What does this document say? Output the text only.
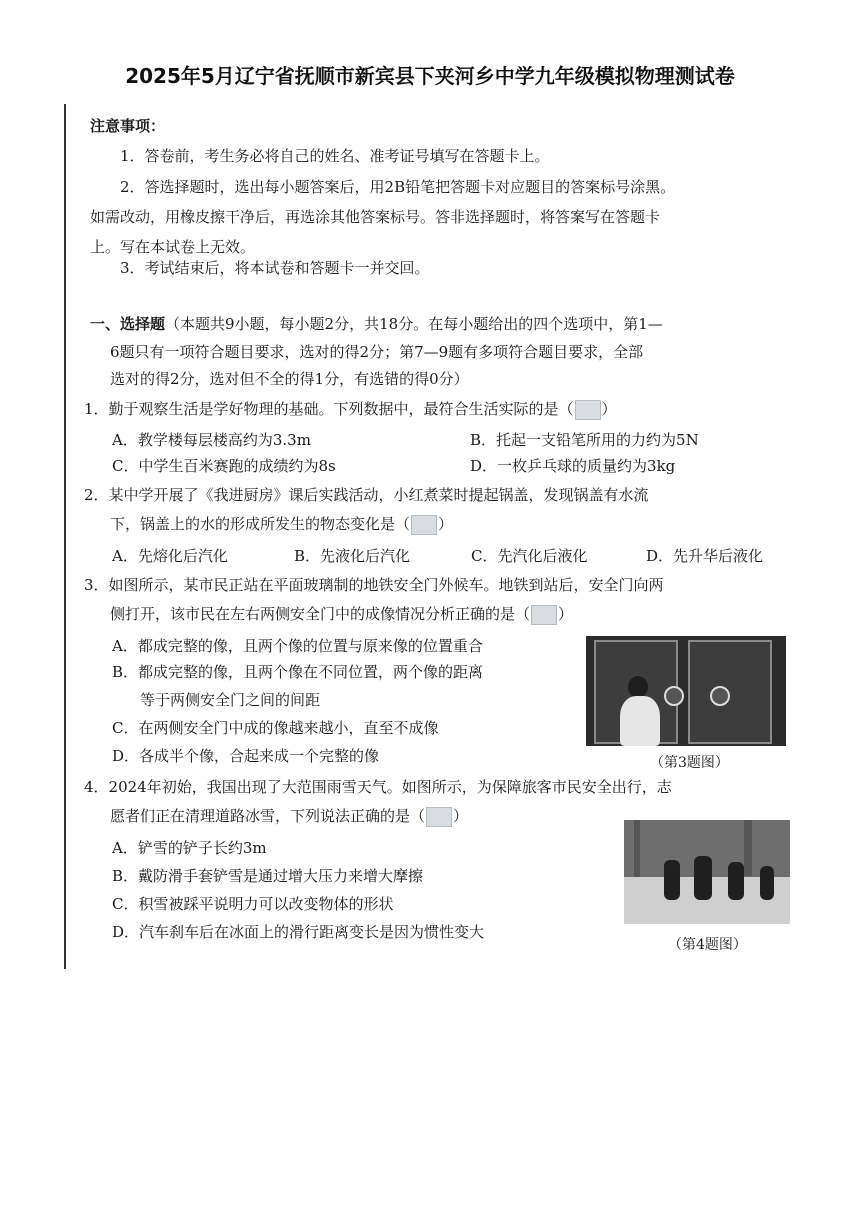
2025年5月辽宁省抚顺市新宾县下夹河乡中学九年级模拟物理测试卷
注意事项：
1．答卷前，考生务必将自己的姓名、准考证号填写在答题卡上。
2．答选择题时，选出每小题答案后，用2B铅笔把答题卡对应题目的答案标号涂黑。
如需改动，用橡皮擦干净后，再选涂其他答案标号。答非选择题时，将答案写在答题卡
上。写在本试卷上无效。
3．考试结束后，将本试卷和答题卡一并交回。
一、选择题（本题共9小题，每小题2分，共18分。在每小题给出的四个选项中，第1—
6题只有一项符合题目要求，选对的得2分；第7—9题有多项符合题目要求，全部
选对的得2分，选对但不全的得1分，有选错的得0分）
1．勤于观察生活是学好物理的基础。下列数据中，最符合生活实际的是（ ）
A．教学楼每层楼高约为3.3m	B．托起一支铅笔所用的力约为5N
C．中学生百米赛跑的成绩约为8s	D．一枚乒乓球的质量约为3kg
2．某中学开展了《我进厨房》课后实践活动，小红煮菜时提起锅盖，发现锅盖有水流
下，锅盖上的水的形成所发生的物态变化是（ ）
A．先熔化后汽化	B．先液化后汽化	C．先汽化后液化	D．先升华后液化
3．如图所示，某市民正站在平面玻璃制的地铁安全门外候车。地铁到站后，安全门向两
侧打开，该市民在左右两侧安全门中的成像情况分析正确的是（ ）
A．都成完整的像，且两个像的位置与原来像的位置重合
B．都成完整的像，且两个像在不同位置，两个像的距离
等于两侧安全门之间的间距
C．在两侧安全门中成的像越来越小，直至不成像
D．各成半个像，合起来成一个完整的像	（第3题图）
4．2024年初始，我国出现了大范围雨雪天气。如图所示，为保障旅客市民安全出行，志
愿者们正在清理道路冰雪，下列说法正确的是（ ）
A．铲雪的铲子长约3m
B．戴防滑手套铲雪是通过增大压力来增大摩擦
C．积雪被踩平说明力可以改变物体的形状
D．汽车刹车后在冰面上的滑行距离变长是因为惯性变大
（第4题图）
